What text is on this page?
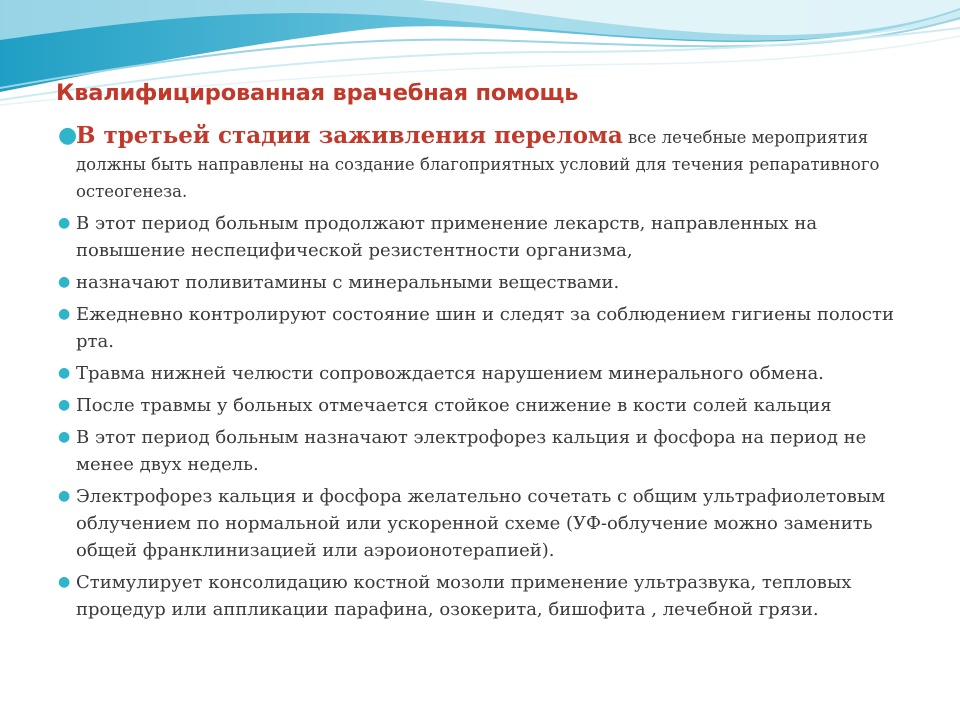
Квалифицированная врачебная помощь
●
В третьей стадии заживления перелома все лечебные мероприятия должны быть направлены на создание благоприятных условий для течения репаративного остеогенеза.
● В этот период больным продолжают применение лекарств, направленных на повышение неспецифической резистентности организма,
● назначают поливитамины с минеральными веществами.
● Ежедневно контролируют состояние шин и следят за соблюдением гигиены полости рта.
● Травма нижней челюсти сопровождается нарушением минерального обмена.
● После травмы у больных отмечается стойкое снижение в кости солей кальция
● В этот период больным назначают электрофорез кальция и фосфора на период не менее двух недель.
● Электрофорез кальция и фосфора желательно сочетать с общим ультрафиолетовым облучением по нормальной или ускоренной схеме (УФ-облучение можно заменить общей франклинизацией или аэроионотерапией).
● Стимулирует консолидацию костной мозоли применение ультразвука, тепловых процедур или аппликации парафина, озокерита, бишофита , лечебной грязи.
